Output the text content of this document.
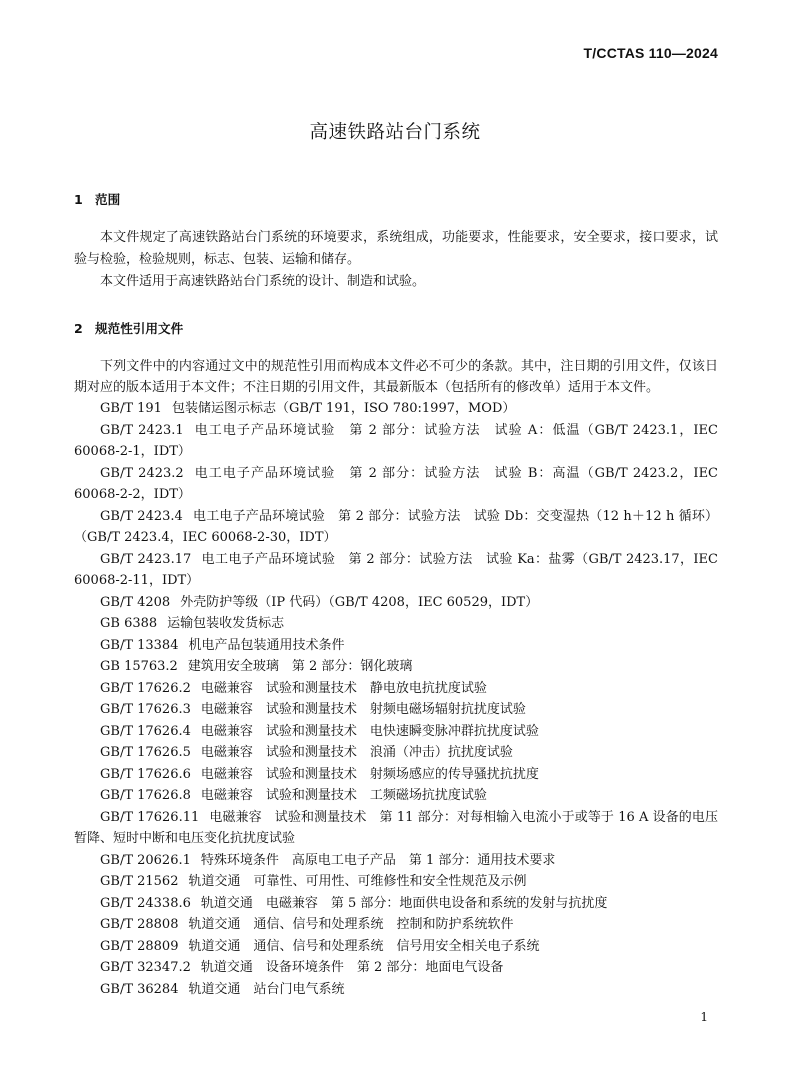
T/CCTAS 110—2024
高速铁路站台门系统
1 范围
本文件规定了高速铁路站台门系统的环境要求，系统组成，功能要求，性能要求，安全要求，接口要求，试验与检验，检验规则，标志、包装、运输和储存。
本文件适用于高速铁路站台门系统的设计、制造和试验。
2 规范性引用文件
下列文件中的内容通过文中的规范性引用而构成本文件必不可少的条款。其中，注日期的引用文件，仅该日期对应的版本适用于本文件；不注日期的引用文件，其最新版本（包括所有的修改单）适用于本文件。
GB/T 191 包装储运图示标志（GB/T 191，ISO 780:1997，MOD）
GB/T 2423.1 电工电子产品环境试验　第 2 部分：试验方法　试验 A：低温（GB/T 2423.1，IEC 60068-2-1，IDT）
GB/T 2423.2 电工电子产品环境试验　第 2 部分：试验方法　试验 B：高温（GB/T 2423.2，IEC 60068-2-2，IDT）
GB/T 2423.4 电工电子产品环境试验　第 2 部分：试验方法　试验 Db：交变湿热（12 h＋12 h 循环）（GB/T 2423.4，IEC 60068-2-30，IDT）
GB/T 2423.17 电工电子产品环境试验　第 2 部分：试验方法　试验 Ka：盐雾（GB/T 2423.17，IEC 60068-2-11，IDT）
GB/T 4208 外壳防护等级（IP 代码）（GB/T 4208，IEC 60529，IDT）
GB 6388 运输包装收发货标志
GB/T 13384 机电产品包装通用技术条件
GB 15763.2 建筑用安全玻璃　第 2 部分：钢化玻璃
GB/T 17626.2 电磁兼容　试验和测量技术　静电放电抗扰度试验
GB/T 17626.3 电磁兼容　试验和测量技术　射频电磁场辐射抗扰度试验
GB/T 17626.4 电磁兼容　试验和测量技术　电快速瞬变脉冲群抗扰度试验
GB/T 17626.5 电磁兼容　试验和测量技术　浪涌（冲击）抗扰度试验
GB/T 17626.6 电磁兼容　试验和测量技术　射频场感应的传导骚扰抗扰度
GB/T 17626.8 电磁兼容　试验和测量技术　工频磁场抗扰度试验
GB/T 17626.11 电磁兼容　试验和测量技术　第 11 部分：对每相输入电流小于或等于 16 A 设备的电压暂降、短时中断和电压变化抗扰度试验
GB/T 20626.1 特殊环境条件　高原电工电子产品　第 1 部分：通用技术要求
GB/T 21562 轨道交通　可靠性、可用性、可维修性和安全性规范及示例
GB/T 24338.6 轨道交通　电磁兼容　第 5 部分：地面供电设备和系统的发射与抗扰度
GB/T 28808 轨道交通　通信、信号和处理系统　控制和防护系统软件
GB/T 28809 轨道交通　通信、信号和处理系统　信号用安全相关电子系统
GB/T 32347.2 轨道交通　设备环境条件　第 2 部分：地面电气设备
GB/T 36284 轨道交通　站台门电气系统
1
